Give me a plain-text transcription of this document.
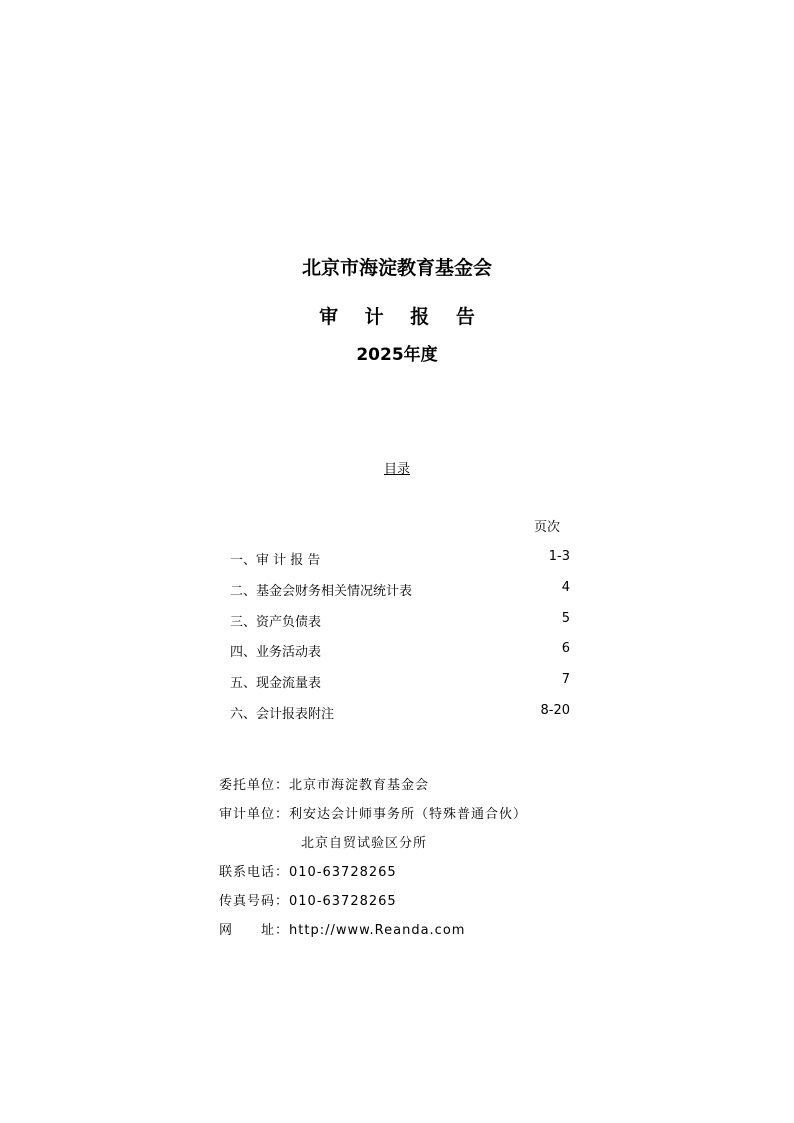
北京市海淀教育基金会
审 计 报 告
2025年度
目录
页次
一、审 计 报 告	1-3
二、基金会财务相关情况统计表	4
三、资产负债表	5
四、业务活动表	6
五、现金流量表	7
六、会计报表附注	8-20
委托单位：北京市海淀教育基金会
审计单位：利安达会计师事务所（特殊普通合伙）
北京自贸试验区分所
联系电话：010-63728265
传真号码：010-63728265
网　　址：http://www.Reanda.com
